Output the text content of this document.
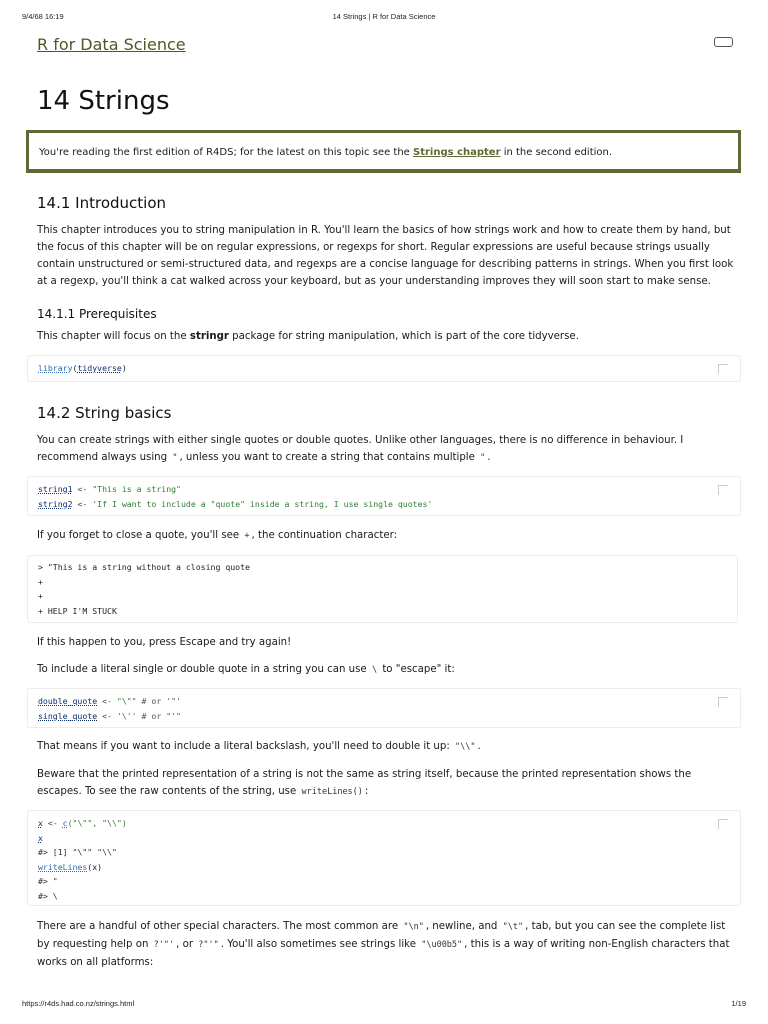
9/4/68 16:19	14 Strings | R for Data Science
R for Data Science
14 Strings
You're reading the first edition of R4DS; for the latest on this topic see the Strings chapter in the second edition.
14.1 Introduction

This chapter introduces you to string manipulation in R. You'll learn the basics of how strings work and how to create them by hand, but the focus of this chapter will be on regular expressions, or regexps for short. Regular expressions are useful because strings usually contain unstructured or semi-structured data, and regexps are a concise language for describing patterns in strings. When you first look at a regexp, you'll think a cat walked across your keyboard, but as your understanding improves they will soon start to make sense.

14.1.1 Prerequisites

This chapter will focus on the stringr package for string manipulation, which is part of the core tidyverse.

library(tidyverse)
14.2 String basics

You can create strings with either single quotes or double quotes. Unlike other languages, there is no difference in behaviour. I recommend always using " , unless you want to create a string that contains multiple " .

string1 <- "This is a string"
string2 <- 'If I want to include a "quote" inside a string, I use single quotes'

If you forget to close a quote, you'll see + , the continuation character:

> "This is a string without a closing quote
+
+
+ HELP I'M STUCK

If this happen to you, press Escape and try again!

To include a literal single or double quote in a string you can use \ to "escape" it:

double_quote <- "\"" # or '"'
single_quote <- '\'' # or "'"

That means if you want to include a literal backslash, you'll need to double it up: "\\" .

Beware that the printed representation of a string is not the same as string itself, because the printed representation shows the escapes. To see the raw contents of the string, use writeLines() :

x <- c("\"", "\\")
x
#> [1] "\"" "\\"
writeLines(x)
#> "
#> \

There are a handful of other special characters. The most common are "\n" , newline, and "\t" , tab, but you can see the complete list by requesting help on ?'"' , or ?"'" . You'll also sometimes see strings like "\u00b5" , this is a way of writing non-English characters that works on all platforms:

https://r4ds.had.co.nz/strings.html	1/19
